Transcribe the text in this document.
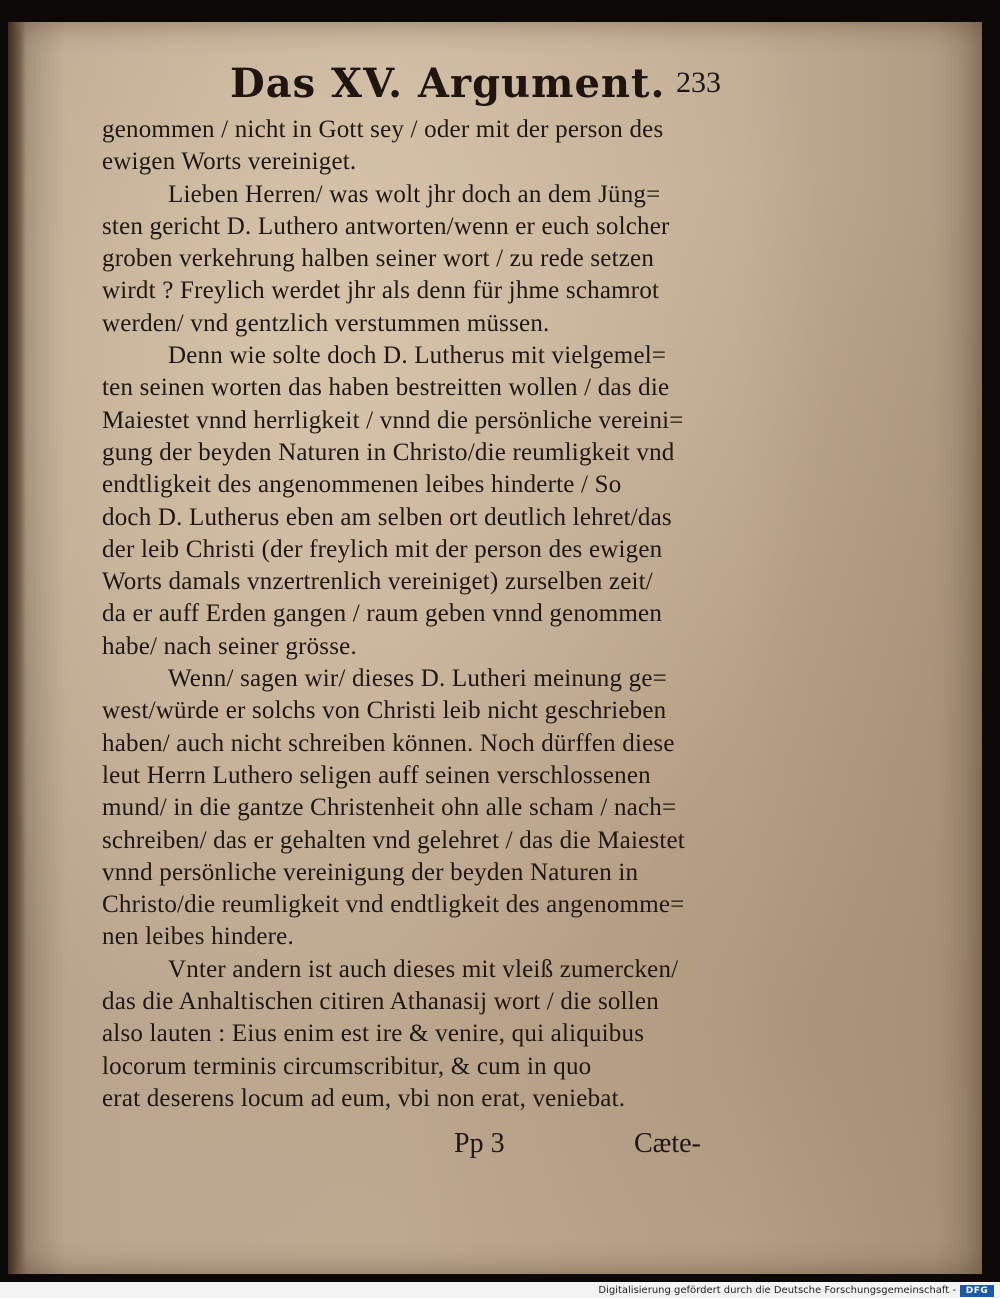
Das XV. Argument. 233
genommen / nicht in Gott sey / oder mit der person des
ewigen Worts vereiniget.
Lieben Herren/ was wolt jhr doch an dem Jüng=
sten gericht D. Luthero antworten/wenn er euch solcher
groben verkehrung halben seiner wort / zu rede setzen
wirdt ? Freylich werdet jhr als denn für jhme schamrot
werden/ vnd gentzlich verstummen müssen.
Denn wie solte doch D. Lutherus mit vielgemel=
ten seinen worten das haben bestreitten wollen / das die
Maiestet vnnd herrligkeit / vnnd die persönliche vereini=
gung der beyden Naturen in Christo/die reumligkeit vnd
endtligkeit des angenommenen leibes hinderte / So
doch D. Lutherus eben am selben ort deutlich lehret/das
der leib Christi (der freylich mit der person des ewigen
Worts damals vnzertrenlich vereiniget) zurselben zeit/
da er auff Erden gangen / raum geben vnnd genommen
habe/ nach seiner grösse.
Wenn/ sagen wir/ dieses D. Lutheri meinung ge=
west/würde er solchs von Christi leib nicht geschrieben
haben/ auch nicht schreiben können. Noch dürffen diese
leut Herrn Luthero seligen auff seinen verschlossenen
mund/ in die gantze Christenheit ohn alle scham / nach=
schreiben/ das er gehalten vnd gelehret / das die Maiestet
vnnd persönliche vereinigung der beyden Naturen in
Christo/die reumligkeit vnd endtligkeit des angenomme=
nen leibes hindere.
Vnter andern ist auch dieses mit vleiß zumercken/
das die Anhaltischen citiren Athanasij wort / die sollen
also lauten : Eius enim est ire & venire, qui aliquibus
locorum terminis circumscribitur, & cum in quo
erat deserens locum ad eum, vbi non erat, veniebat.
Pp 3	Cæte-
Digitalisierung gefördert durch die Deutsche Forschungsgemeinschaft -	DFG
